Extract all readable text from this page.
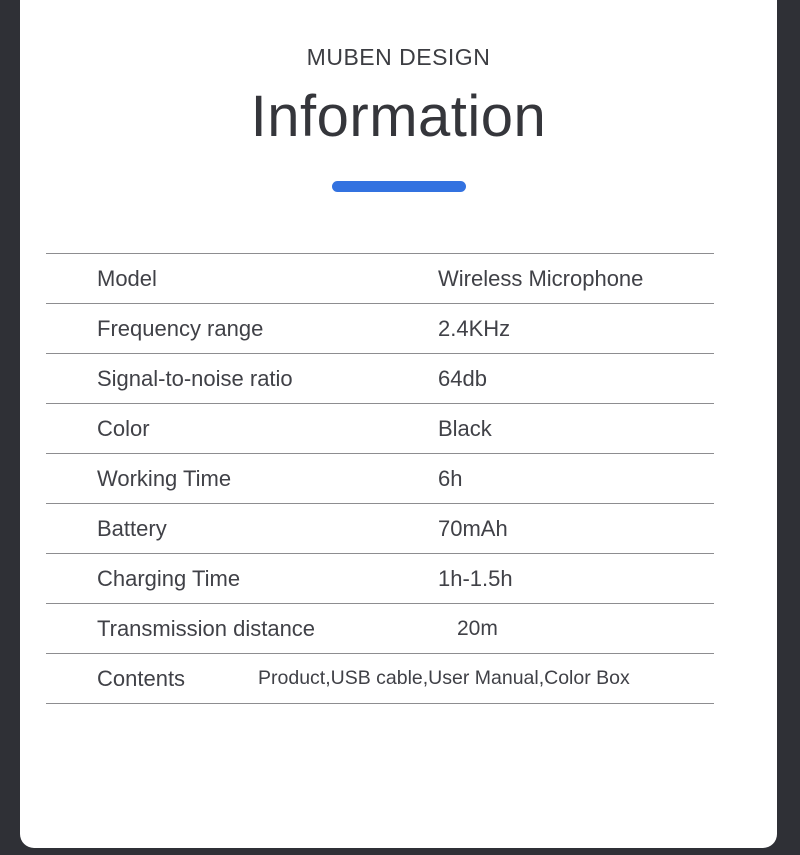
MUBEN DESIGN
Information
Model	Wireless Microphone
Frequency range	2.4KHz
Signal-to-noise ratio	64db
Color	Black
Working Time	6h
Battery	70mAh
Charging Time	1h-1.5h
Transmission distance	20m
Contents	Product,USB cable,User Manual,Color Box
